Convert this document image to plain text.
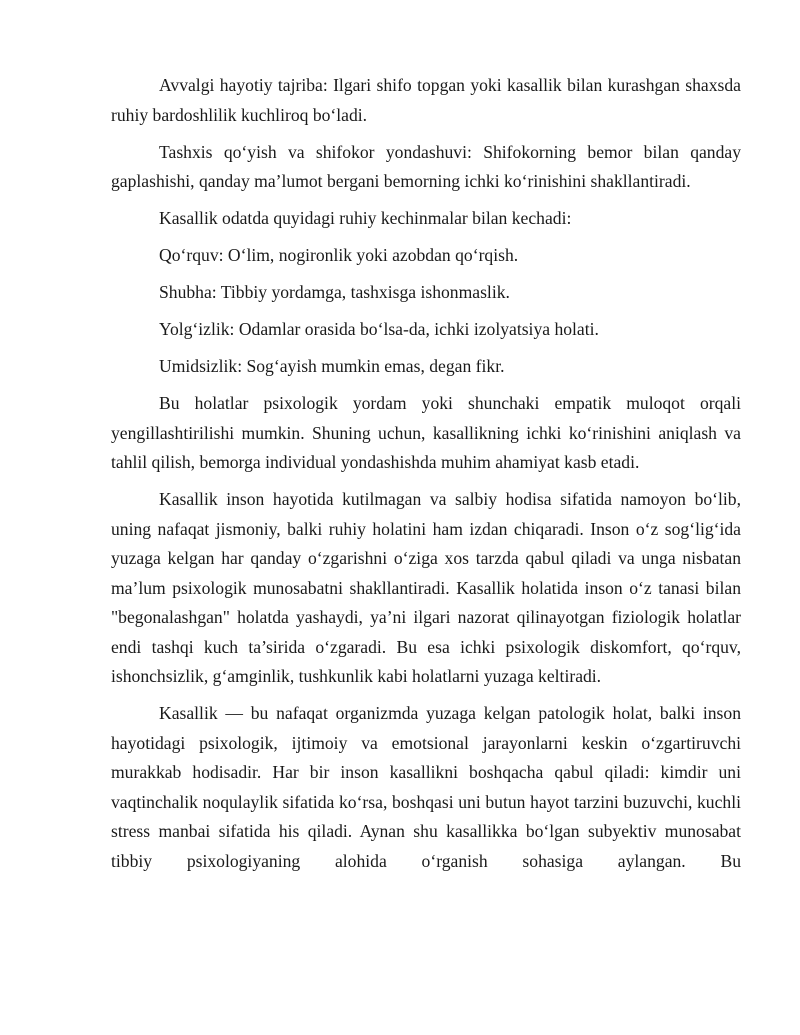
Avvalgi hayotiy tajriba: Ilgari shifo topgan yoki kasallik bilan kurashgan shaxsda ruhiy bardoshlilik kuchliroq bo‘ladi.

Tashxis qo‘yish va shifokor yondashuvi: Shifokorning bemor bilan qanday gaplashishi, qanday ma’lumot bergani bemorning ichki ko‘rinishini shakllantiradi.

Kasallik odatda quyidagi ruhiy kechinmalar bilan kechadi:

Qo‘rquv: O‘lim, nogironlik yoki azobdan qo‘rqish.

Shubha: Tibbiy yordamga, tashxisga ishonmaslik.

Yolg‘izlik: Odamlar orasida bo‘lsa-da, ichki izolyatsiya holati.

Umidsizlik: Sog‘ayish mumkin emas, degan fikr.

Bu holatlar psixologik yordam yoki shunchaki empatik muloqot orqali yengillashtirilishi mumkin. Shuning uchun, kasallikning ichki ko‘rinishini aniqlash va tahlil qilish, bemorga individual yondashishda muhim ahamiyat kasb etadi.

Kasallik inson hayotida kutilmagan va salbiy hodisa sifatida namoyon bo‘lib, uning nafaqat jismoniy, balki ruhiy holatini ham izdan chiqaradi. Inson o‘z sog‘lig‘ida yuzaga kelgan har qanday o‘zgarishni o‘ziga xos tarzda qabul qiladi va unga nisbatan ma’lum psixologik munosabatni shakllantiradi. Kasallik holatida inson o‘z tanasi bilan "begonalashgan" holatda yashaydi, ya’ni ilgari nazorat qilinayotgan fiziologik holatlar endi tashqi kuch ta’sirida o‘zgaradi. Bu esa ichki psixologik diskomfort, qo‘rquv, ishonchsizlik, g‘amginlik, tushkunlik kabi holatlarni yuzaga keltiradi.

Kasallik — bu nafaqat organizmda yuzaga kelgan patologik holat, balki inson hayotidagi psixologik, ijtimoiy va emotsional jarayonlarni keskin o‘zgartiruvchi murakkab hodisadir. Har bir inson kasallikni boshqacha qabul qiladi: kimdir uni vaqtinchalik noqulaylik sifatida ko‘rsa, boshqasi uni butun hayot tarzini buzuvchi, kuchli stress manbai sifatida his qiladi. Aynan shu kasallikka bo‘lgan subyektiv munosabat tibbiy psixologiyaning alohida o‘rganish sohasiga aylangan. Bu
